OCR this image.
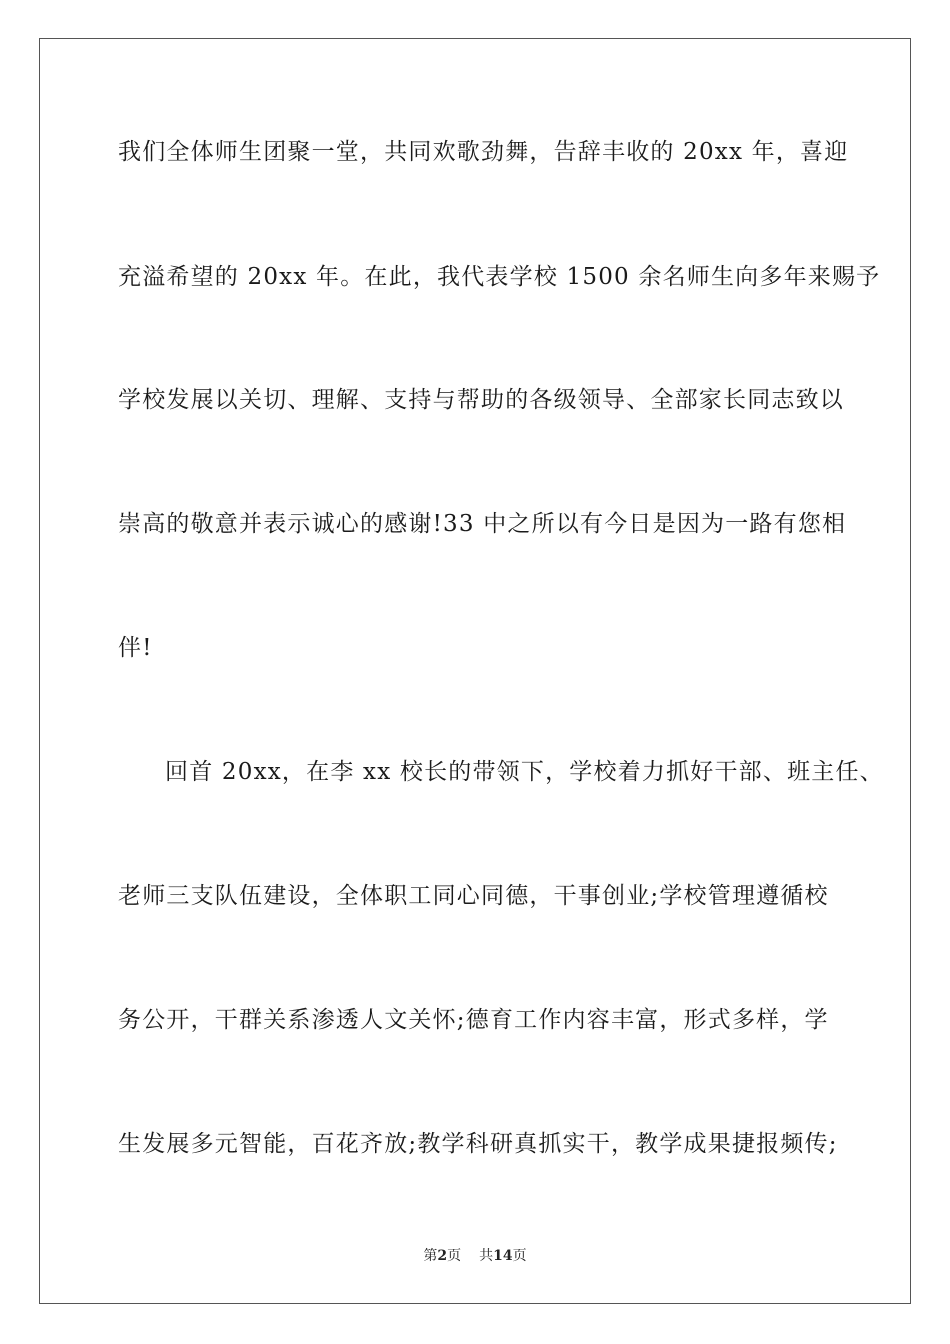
我们全体师生团聚一堂，共同欢歌劲舞，告辞丰收的 20xx 年，喜迎
充溢希望的 20xx 年。在此，我代表学校 1500 余名师生向多年来赐予
学校发展以关切、理解、支持与帮助的各级领导、全部家长同志致以
崇高的敬意并表示诚心的感谢!33 中之所以有今日是因为一路有您相
伴!
回首 20xx，在李 xx 校长的带领下，学校着力抓好干部、班主任、
老师三支队伍建设，全体职工同心同德，干事创业;学校管理遵循校
务公开，干群关系渗透人文关怀;德育工作内容丰富，形式多样，学
生发展多元智能，百花齐放;教学科研真抓实干，教学成果捷报频传;
第2页 共14页
